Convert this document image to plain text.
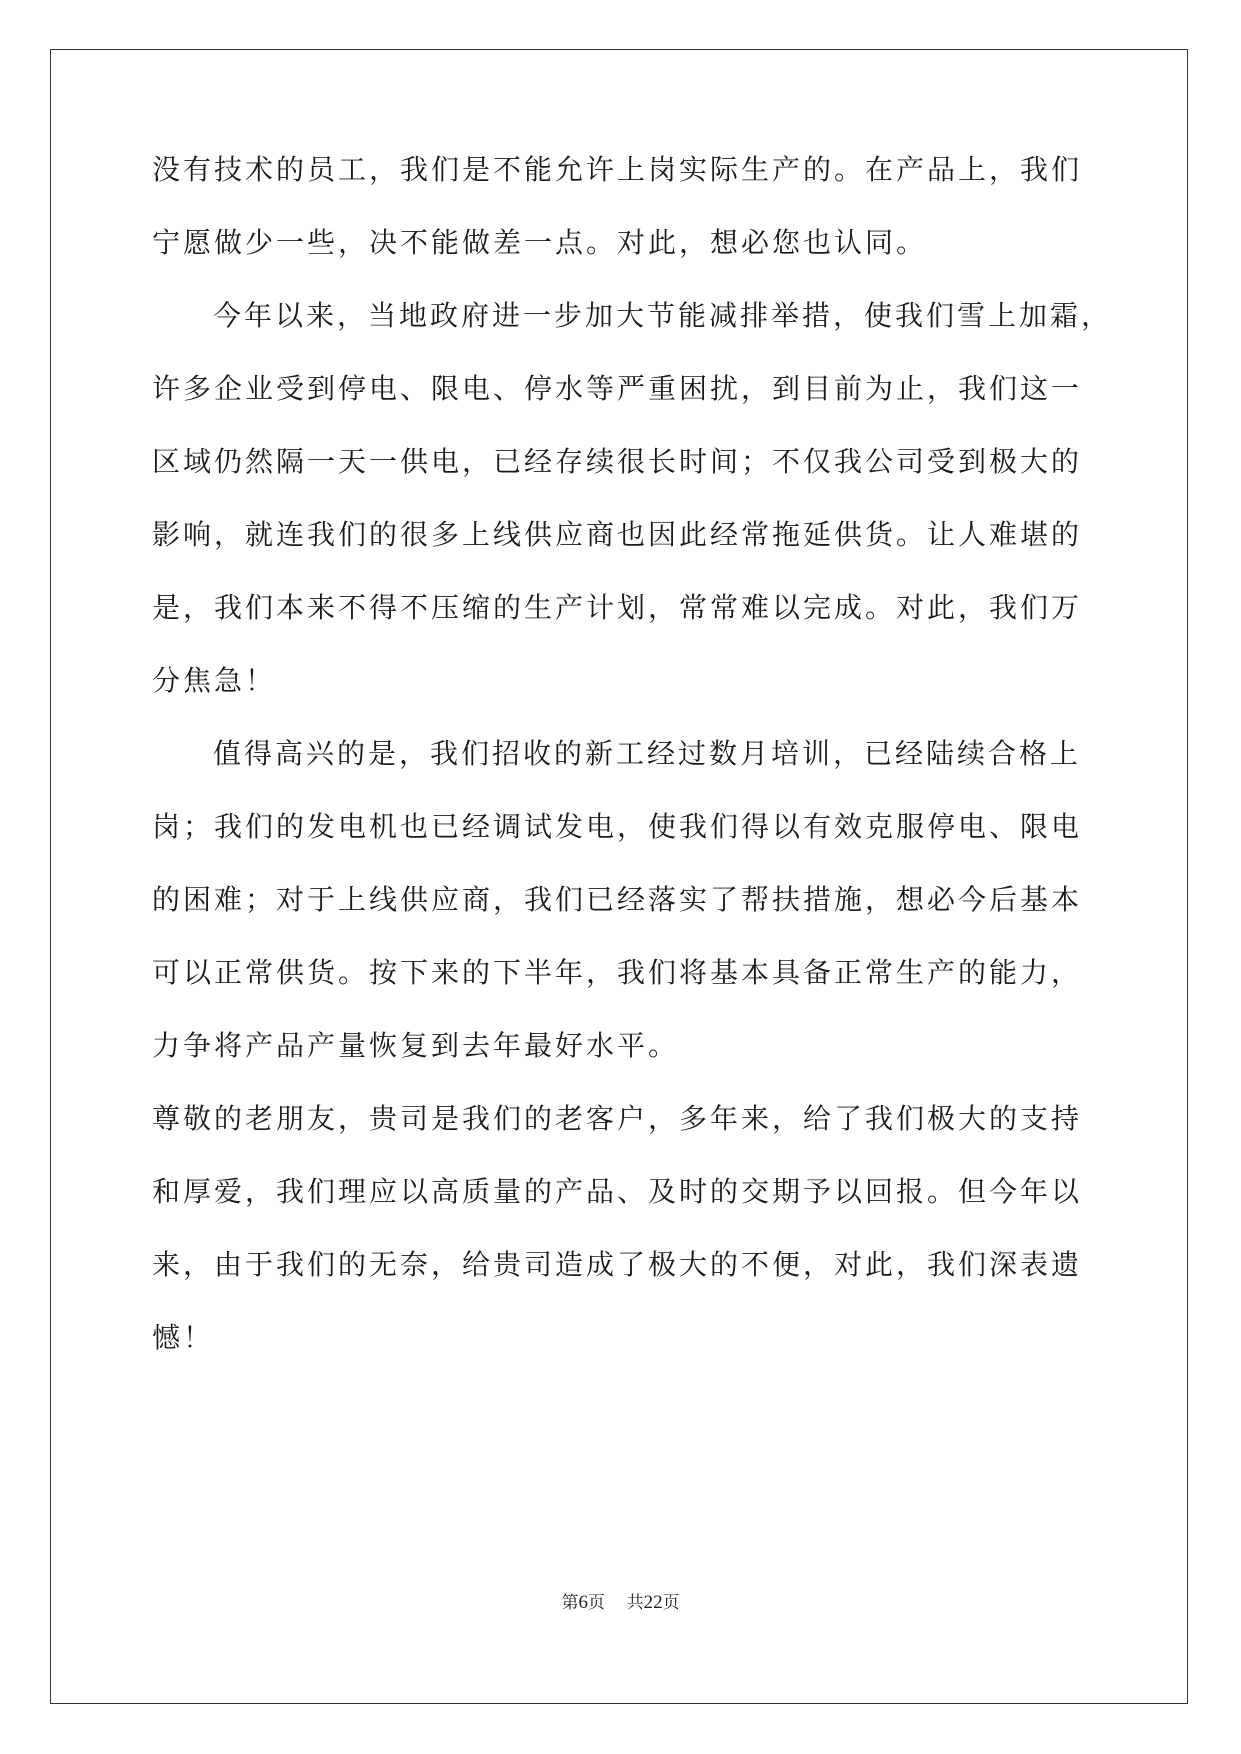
没有技术的员工，我们是不能允许上岗实际生产的。在产品上，我们

宁愿做少一些，决不能做差一点。对此，想必您也认同。

今年以来，当地政府进一步加大节能减排举措，使我们雪上加霜，

许多企业受到停电、限电、停水等严重困扰，到目前为止，我们这一

区域仍然隔一天一供电，已经存续很长时间；不仅我公司受到极大的

影响，就连我们的很多上线供应商也因此经常拖延供货。让人难堪的

是，我们本来不得不压缩的生产计划，常常难以完成。对此，我们万

分焦急！

值得高兴的是，我们招收的新工经过数月培训，已经陆续合格上

岗；我们的发电机也已经调试发电，使我们得以有效克服停电、限电

的困难；对于上线供应商，我们已经落实了帮扶措施，想必今后基本

可以正常供货。按下来的下半年，我们将基本具备正常生产的能力，

力争将产品产量恢复到去年最好水平。

尊敬的老朋友，贵司是我们的老客户，多年来，给了我们极大的支持

和厚爱，我们理应以高质量的产品、及时的交期予以回报。但今年以

来，由于我们的无奈，给贵司造成了极大的不便，对此，我们深表遗

憾！

第6页 共22页
